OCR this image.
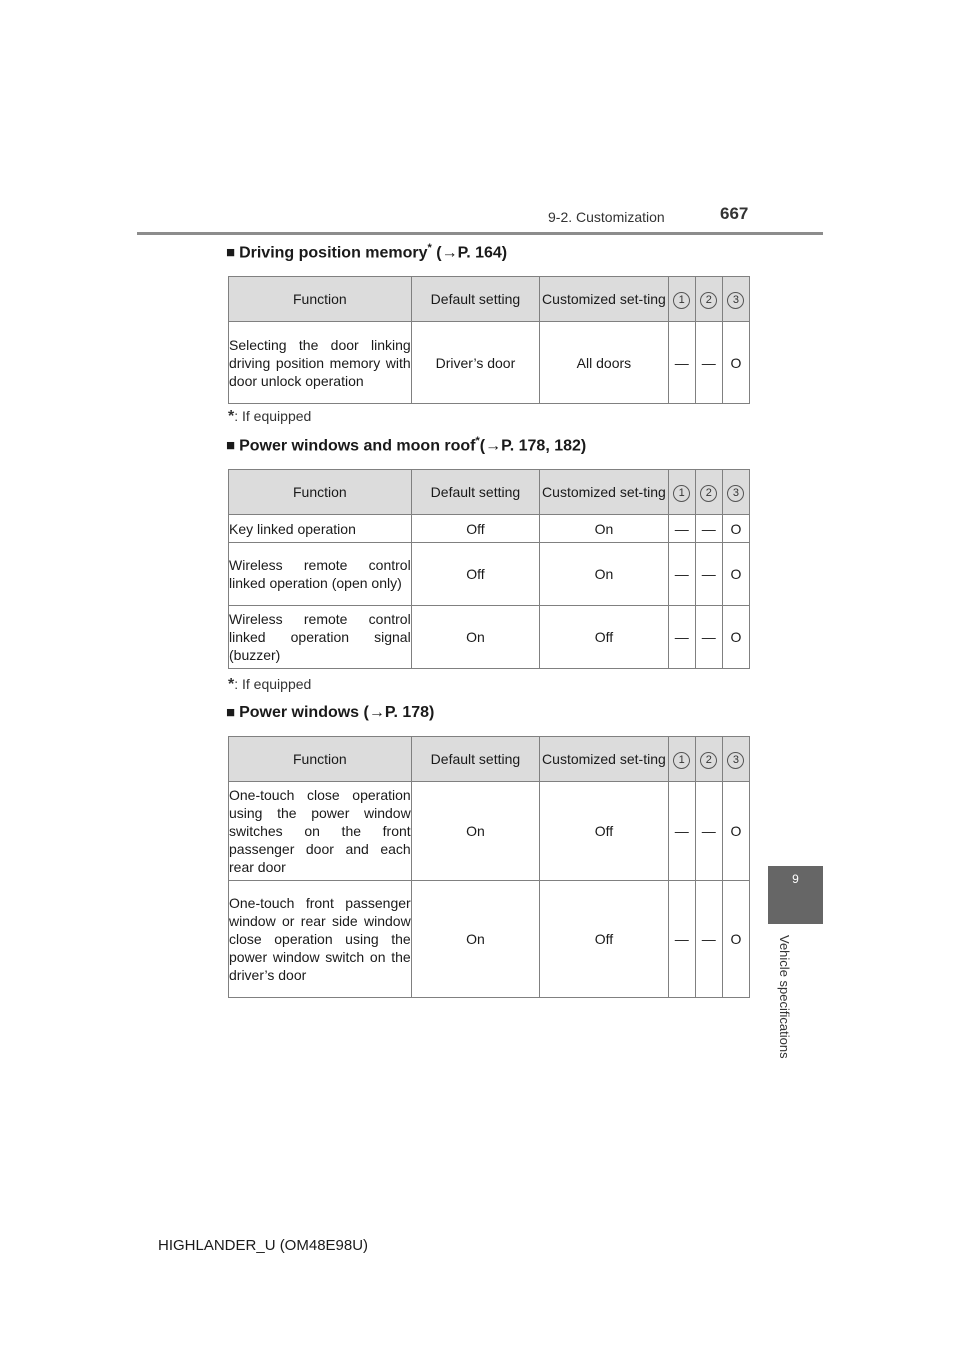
9-2. Customization	667
9
Vehicle specifications
■ Driving position memory* (→P. 164)
Function	Default setting	Customized set-ting	1	2	3
Selecting the door linking driving position memory with door unlock operation	Driver’s door	All doors	—	—	O
*: If equipped
■ Power windows and moon roof*(→P. 178, 182)
Function	Default setting	Customized set-ting	1	2	3
Key linked operation	Off	On	—	—	O
Wireless remote control linked operation (open only)	Off	On	—	—	O
Wireless remote control linked operation signal (buzzer)	On	Off	—	—	O
*: If equipped
■ Power windows (→P. 178)
Function	Default setting	Customized set-ting	1	2	3
One-touch close operation using the power window switches on the front passenger door and each rear door	On	Off	—	—	O
One-touch front passenger window or rear side window close operation using the power window switch on the driver’s door	On	Off	—	—	O
HIGHLANDER_U (OM48E98U)
